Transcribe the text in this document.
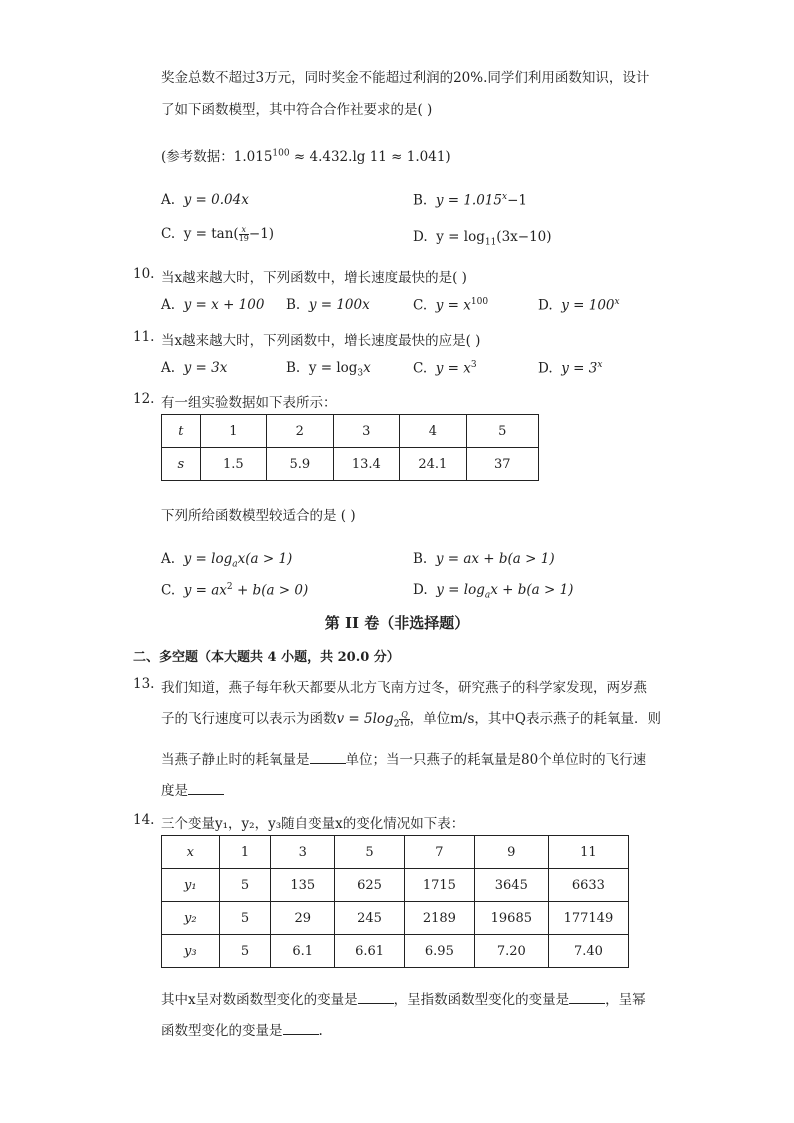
奖金总数不超过3万元，同时奖金不能超过利润的20%.同学们利用函数知识，设计
了如下函数模型，其中符合合作社要求的是( )
(参考数据：$1.015^{100} \approx 4.432.\lg$ 11 ≈ 1.041)
A. y = 0.04x	B. $y = 1.015^x-1$
C. $y = \tan( \frac{x}{19} -1)$	D. $y = \log_{11}(3x-10)$
10. 当x越来越大时，下列函数中，增长速度最快的是( )
A. y = x + 100 B. y = 100x	C. $y = x^{100}$	D. $y = 100^x$
11. 当x越来越大时，下列函数中，增长速度最快的应是( )
A. y = 3x	B. $y = \log_3x$	C. $y = x^3$	D. $y = 3^x$
12. 有一组实验数据如下表所示：
t	1	2	3	4	5
s	1.5	5.9	13.4	24.1	37
下列所给函数模型较适合的是 ( )
A. $y = \log_ax(a > 1)$	B. y = ax + b(a > 1)
C. $y = ax^2 + b(a > 0)$	D. $y = \log_ax + b(a > 1)$
第 II 卷（非选择题）
二、多空题（本大题共 4 小题，共 20.0 分）
13. 我们知道，燕子每年秋天都要从北方飞南方过冬，研究燕子的科学家发现，两岁燕
子的飞行速度可以表示为函数$v = 5\log_2 \frac{Q}{10}$ ，单位m/s，其中Q表示燕子的耗氧量．则
当燕子静止时的耗氧量是	单位；当一只燕子的耗氧量是80个单位时的飞行速
度是
14. 三个变量y₁，y₂，y₃随自变量x的变化情况如下表：
x	1	3	5	7	9	11
y₁	5	135	625	1715	3645	6633
y₂	5	29	245	2189	19685	177149
y₃	5	6.1	6.61	6.95	7.20	7.40
其中x呈对数函数型变化的变量是	，呈指数函数型变化的变量是	，呈幂
函数型变化的变量是	.
